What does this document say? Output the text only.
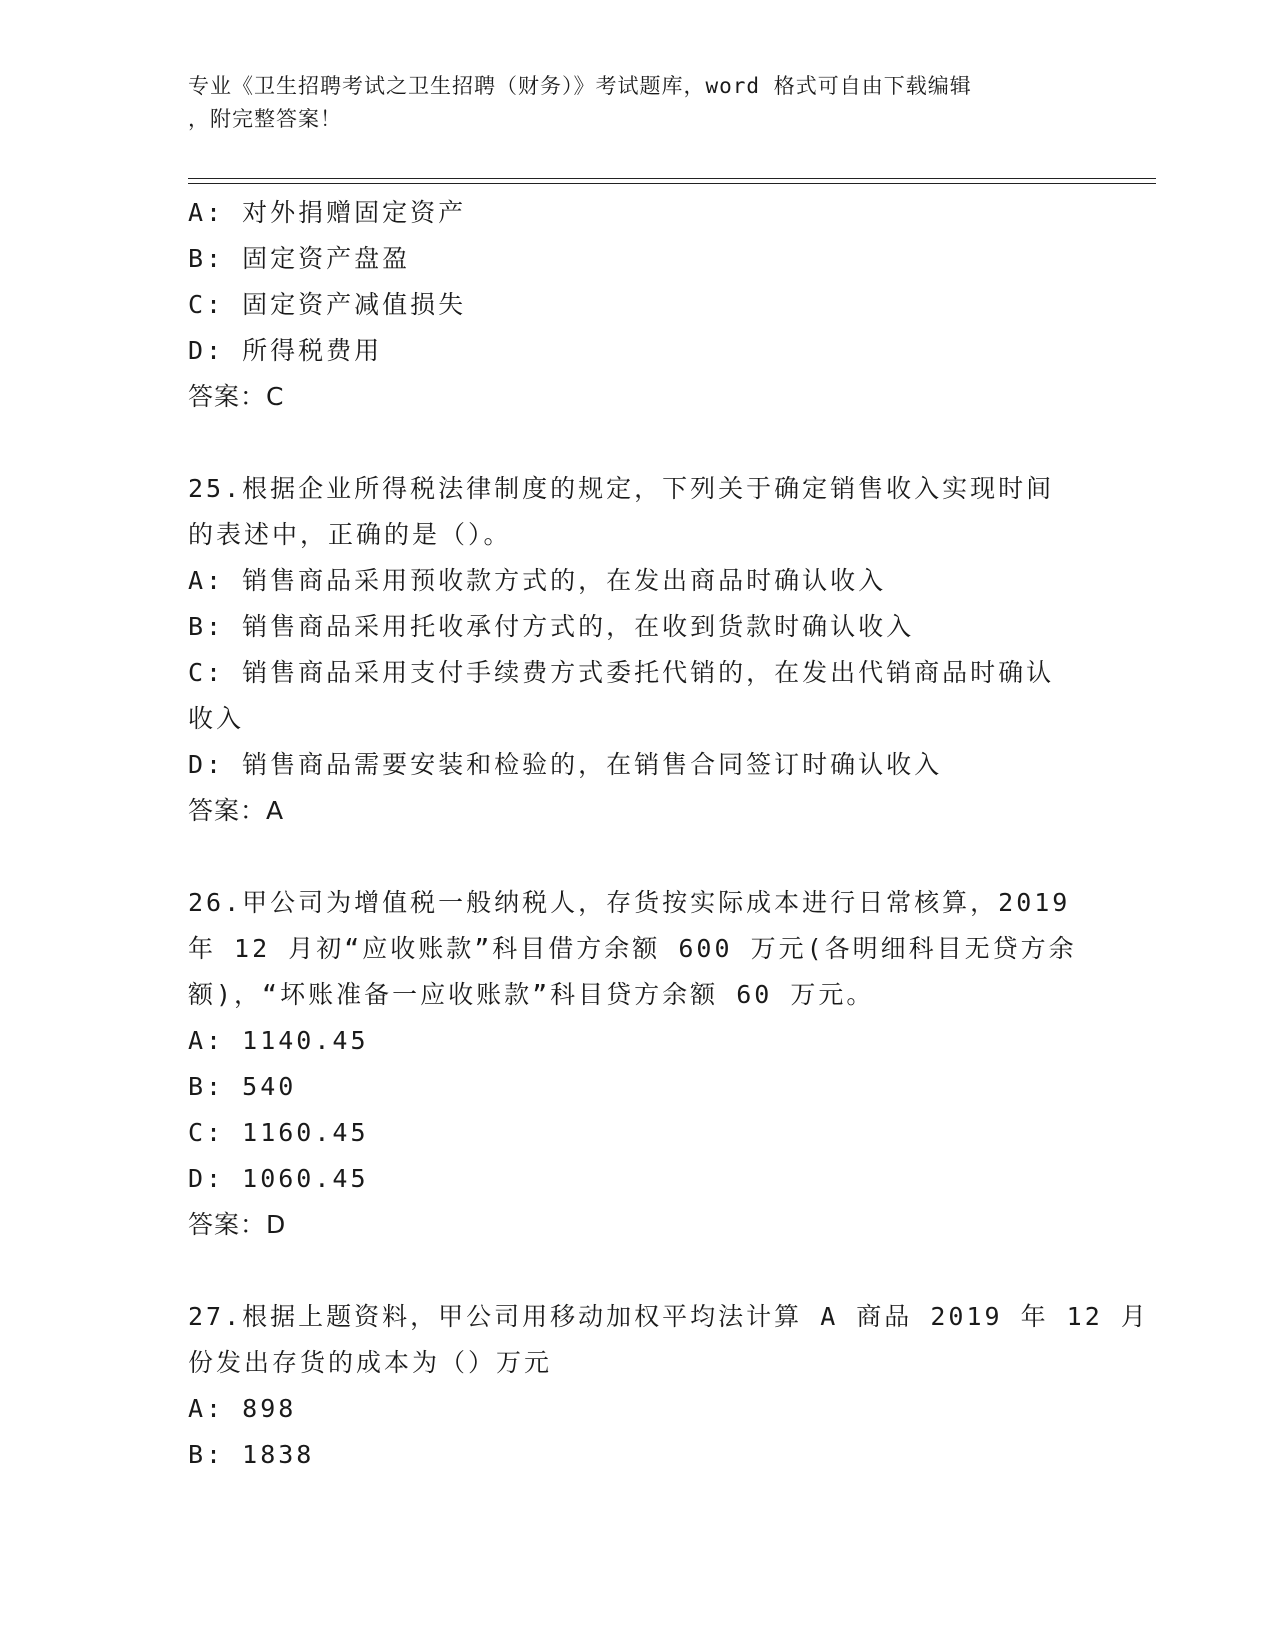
专业《卫生招聘考试之卫生招聘（财务）》考试题库，word 格式可自由下载编辑
，附完整答案！
A: 对外捐赠固定资产
B: 固定资产盘盈
C: 固定资产减值损失
D: 所得税费用
答案：C
25.根据企业所得税法律制度的规定，下列关于确定销售收入实现时间
的表述中，正确的是（）。
A: 销售商品采用预收款方式的，在发出商品时确认收入
B: 销售商品采用托收承付方式的，在收到货款时确认收入
C: 销售商品采用支付手续费方式委托代销的，在发出代销商品时确认
收入
D: 销售商品需要安装和检验的，在销售合同签订时确认收入
答案：A
26.甲公司为增值税一般纳税人，存货按实际成本进行日常核算，2019
年 12 月初“应收账款”科目借方余额 600 万元(各明细科目无贷方余
额)，“坏账准备一应收账款”科目贷方余额 60 万元。
A: 1140.45
B: 540
C: 1160.45
D: 1060.45
答案：D
27.根据上题资料，甲公司用移动加权平均法计算 A 商品 2019 年 12 月
份发出存货的成本为（）万元
A: 898
B: 1838
